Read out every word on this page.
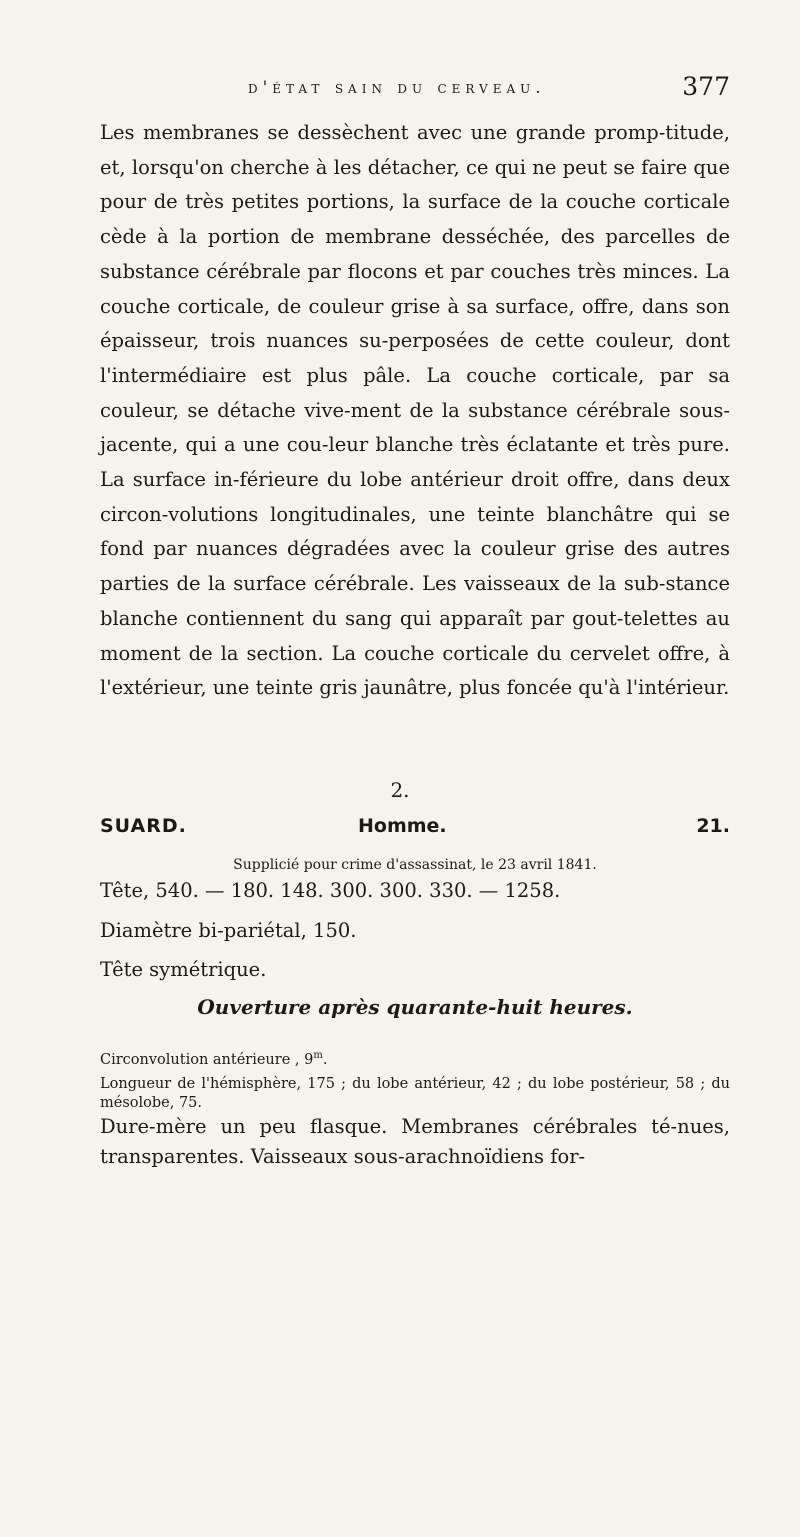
d'état sain du cerveau.	377

Les membranes se dessèchent avec une grande promp-titude, et, lorsqu'on cherche à les détacher, ce qui ne peut se faire que pour de très petites portions, la surface de la couche corticale cède à la portion de membrane desséchée, des parcelles de substance cérébrale par flocons et par couches très minces. La couche corticale, de couleur grise à sa surface, offre, dans son épaisseur, trois nuances su-perposées de cette couleur, dont l'intermédiaire est plus pâle. La couche corticale, par sa couleur, se détache vive-ment de la substance cérébrale sous-jacente, qui a une cou-leur blanche très éclatante et très pure. La surface in-férieure du lobe antérieur droit offre, dans deux circon-volutions longitudinales, une teinte blanchâtre qui se fond par nuances dégradées avec la couleur grise des autres parties de la surface cérébrale. Les vaisseaux de la sub-stance blanche contiennent du sang qui apparaît par gout-telettes au moment de la section. La couche corticale du cervelet offre, à l'extérieur, une teinte gris jaunâtre, plus foncée qu'à l'intérieur.

2.
SUARD.	Homme.	21.
Supplicié pour crime d'assassinat, le 23 avril 1841.
Tête, 540. — 180. 148. 300. 300. 330. — 1258.
Diamètre bi-pariétal, 150.
Tête symétrique.
Ouverture après quarante-huit heures.
Circonvolution antérieure , 9$^m$.
Longueur de l'hémisphère, 175 ; du lobe antérieur, 42 ; du lobe postérieur, 58 ; du mésolobe, 75.

Dure-mère un peu flasque. Membranes cérébrales té-nues, transparentes. Vaisseaux sous-arachnoïdiens for-
